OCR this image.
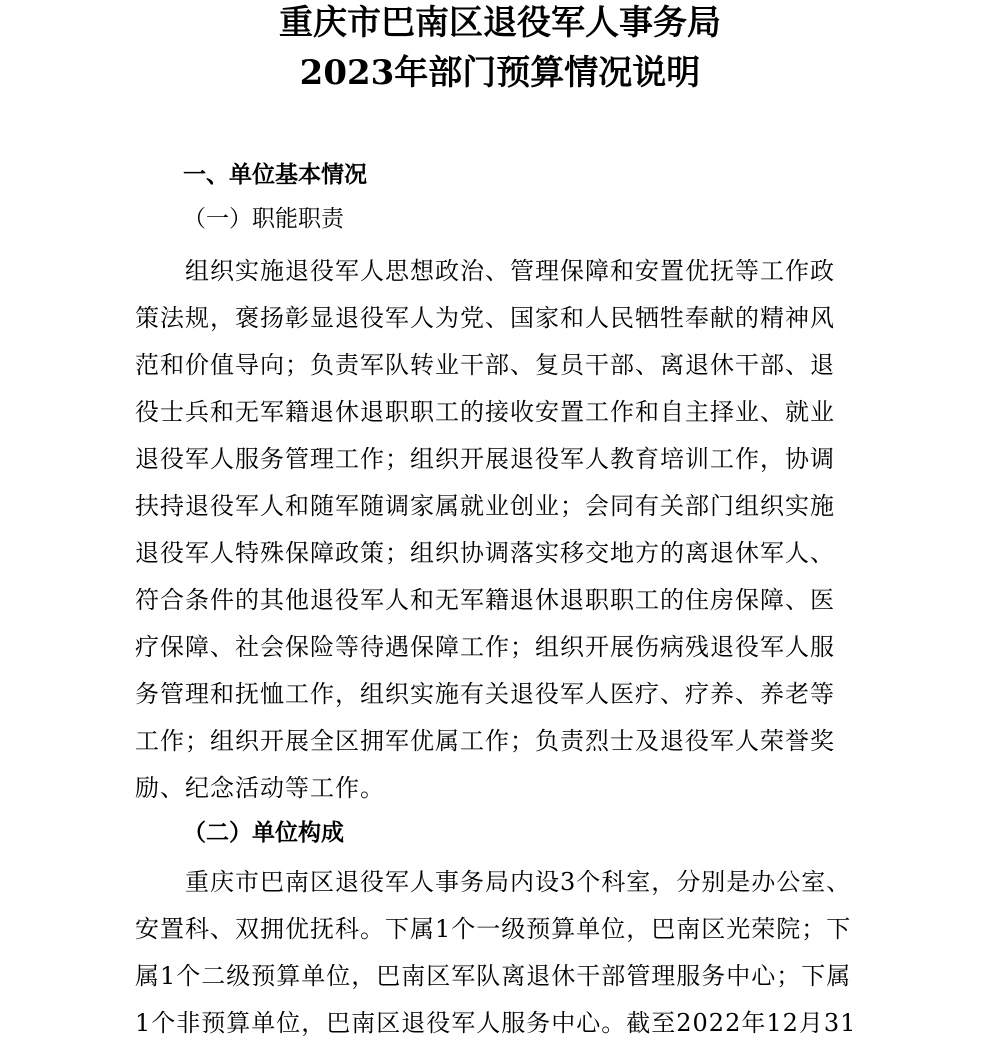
重庆市巴南区退役军人事务局
2023年部门预算情况说明
一、单位基本情况
（一）职能职责
组织实施退役军人思想政治、管理保障和安置优抚等工作政
策法规，褒扬彰显退役军人为党、国家和人民牺牲奉献的精神风
范和价值导向；负责军队转业干部、复员干部、离退休干部、退
役士兵和无军籍退休退职职工的接收安置工作和自主择业、就业
退役军人服务管理工作；组织开展退役军人教育培训工作，协调
扶持退役军人和随军随调家属就业创业；会同有关部门组织实施
退役军人特殊保障政策；组织协调落实移交地方的离退休军人、
符合条件的其他退役军人和无军籍退休退职职工的住房保障、医
疗保障、社会保险等待遇保障工作；组织开展伤病残退役军人服
务管理和抚恤工作，组织实施有关退役军人医疗、疗养、养老等
工作；组织开展全区拥军优属工作；负责烈士及退役军人荣誉奖
励、纪念活动等工作。
（二）单位构成
重庆市巴南区退役军人事务局内设3个科室，分别是办公室、
安置科、双拥优抚科。下属1个一级预算单位，巴南区光荣院；下
属1个二级预算单位，巴南区军队离退休干部管理服务中心；下属
1个非预算单位，巴南区退役军人服务中心。截至2022年12月31
